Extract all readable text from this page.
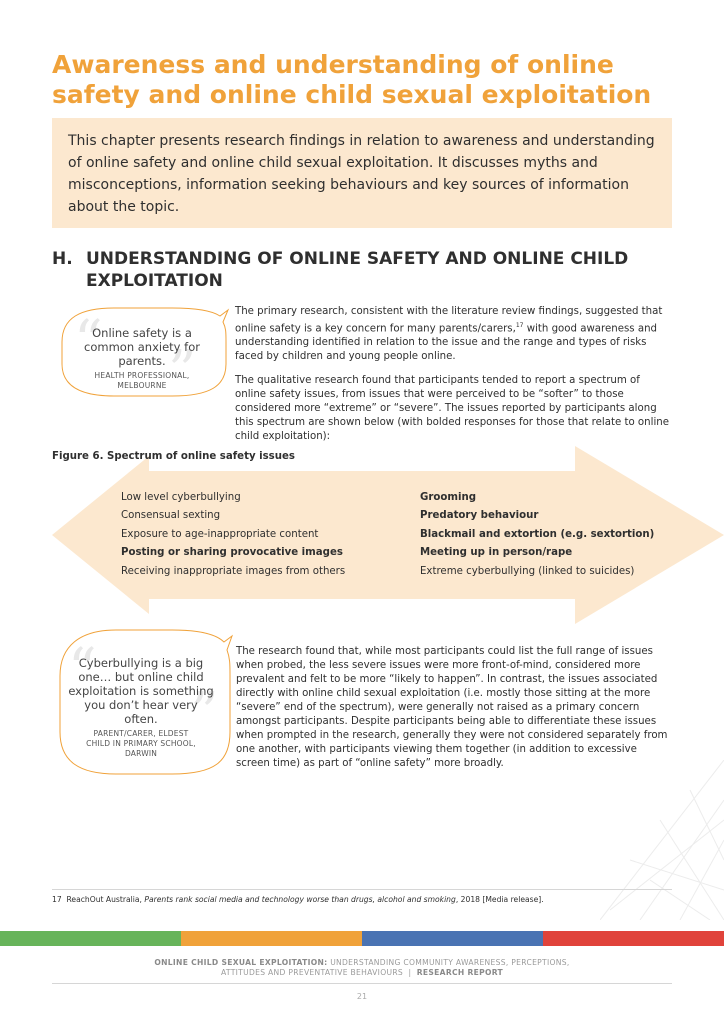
Awareness and understanding of online safety and online child sexual exploitation
This chapter presents research findings in relation to awareness and understanding of online safety and online child sexual exploitation. It discusses myths and misconceptions, information seeking behaviours and key sources of information about the topic.
H. UNDERSTANDING OF ONLINE SAFETY AND ONLINE CHILD EXPLOITATION
“ ”
Online safety is a common anxiety for parents.
HEALTH PROFESSIONAL,
MELBOURNE
The primary research, consistent with the literature review findings, suggested that online safety is a key concern for many parents/carers,$^{17}$ with good awareness and understanding identified in relation to the issue and the range and types of risks faced by children and young people online.
The qualitative research found that participants tended to report a spectrum of online safety issues, from issues that were perceived to be “softer” to those considered more “extreme” or “severe”. The issues reported by participants along this spectrum are shown below (with bolded responses for those that relate to online child exploitation):
Figure 6. Spectrum of online safety issues
Low level cyberbullying
Consensual sexting
Exposure to age-inappropriate content
Posting or sharing provocative images
Receiving inappropriate images from others
Grooming
Predatory behaviour
Blackmail and extortion (e.g. sextortion)
Meeting up in person/rape
Extreme cyberbullying (linked to suicides)
“
”
Cyberbullying is a big one… but online child exploitation is something you don’t hear very often.
PARENT/CARER, ELDEST
CHILD IN PRIMARY SCHOOL,
DARWIN
The research found that, while most participants could list the full range of issues when probed, the less severe issues were more front-of-mind, considered more prevalent and felt to be more “likely to happen”. In contrast, the issues associated directly with online child sexual exploitation (i.e. mostly those sitting at the more “severe” end of the spectrum), were generally not raised as a primary concern amongst participants. Despite participants being able to differentiate these issues when prompted in the research, generally they were not considered separately from one another, with participants viewing them together (in addition to excessive screen time) as part of “online safety” more broadly.
17 ReachOut Australia, Parents rank social media and technology worse than drugs, alcohol and smoking, 2018 [Media release].
ONLINE CHILD SEXUAL EXPLOITATION: UNDERSTANDING COMMUNITY AWARENESS, PERCEPTIONS,
ATTITUDES AND PREVENTATIVE BEHAVIOURS | RESEARCH REPORT
21
